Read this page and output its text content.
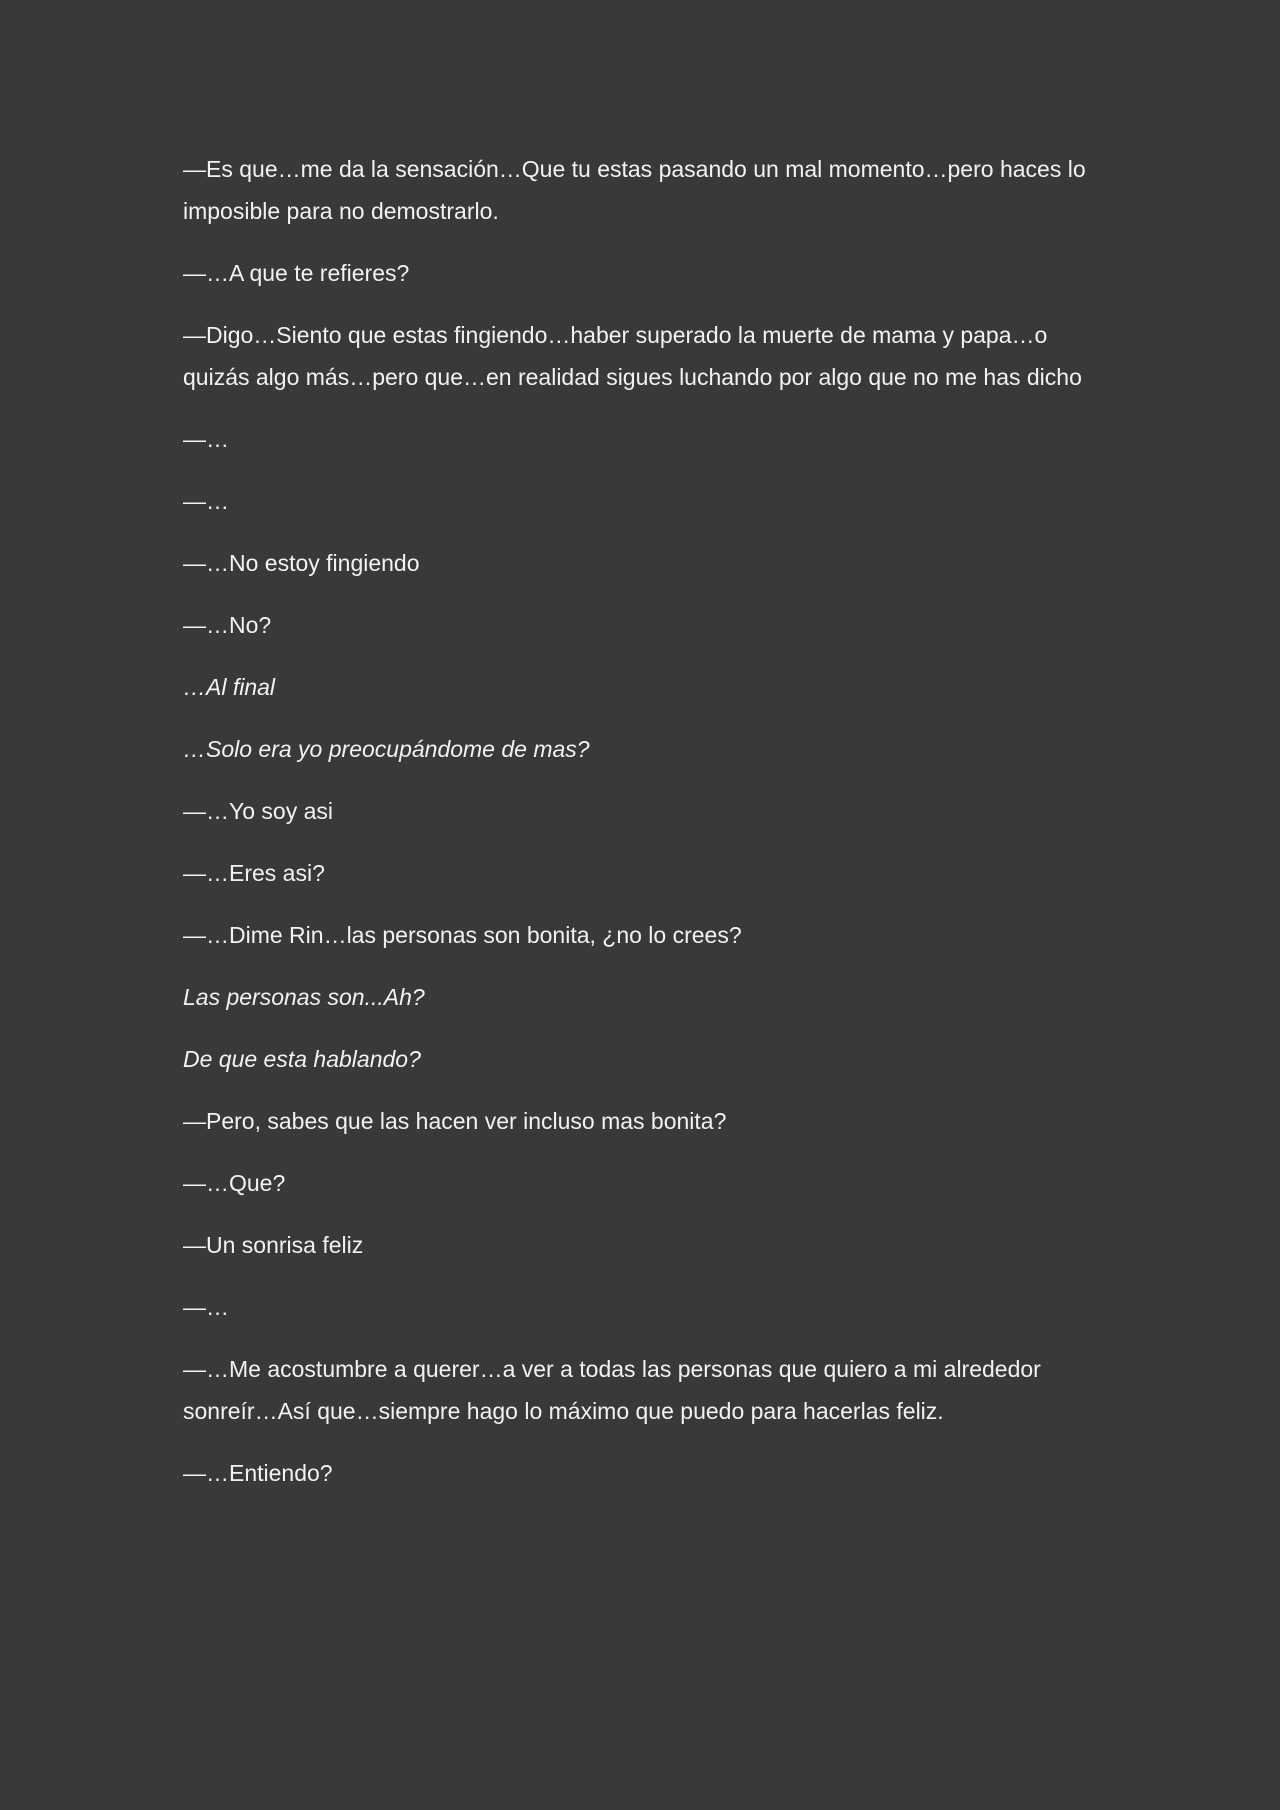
—Es que…me da la sensación…Que tu estas pasando un mal momento…pero haces lo imposible para no demostrarlo.

—…A que te refieres?

—Digo…Siento que estas fingiendo…haber superado la muerte de mama y papa…o quizás algo más…pero que…en realidad sigues luchando por algo que no me has dicho

—…

—…

—…No estoy fingiendo

—…No?

…Al final

…Solo era yo preocupándome de mas?

—…Yo soy asi

—…Eres asi?

—…Dime Rin…las personas son bonita, ¿no lo crees?

Las personas son...Ah?

De que esta hablando?

—Pero, sabes que las hacen ver incluso mas bonita?

—…Que?

—Un sonrisa feliz

—…

—…Me acostumbre a querer…a ver a todas las personas que quiero a mi alrededor sonreír…Así que…siempre hago lo máximo que puedo para hacerlas feliz.

—…Entiendo?
